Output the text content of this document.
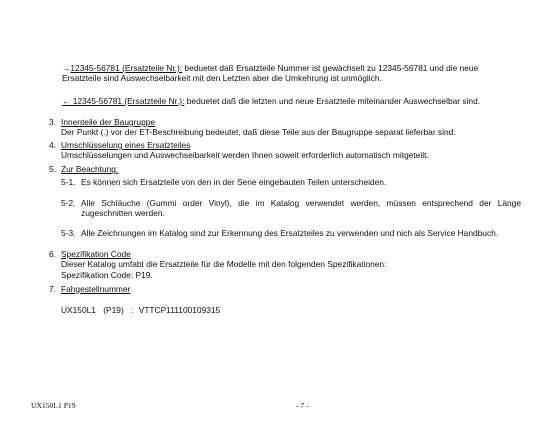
→12345-56781 (Ersatzteile Nr.): beduetet daß Ersatzteile Nummer ist gewächselt zu 12345-56781 und die neue
Ersatzteile sind Auswechselbarkeit mit den Letzten aber die Umkehrung ist unmöglich.
← 12345-56781 (Ersatzteile Nr.): beduetet daß die letzten und neue Ersatzteile miteinander Auswechselbar sind.
3. Innenteile der Baugruppe
Der Punkt (.) vor der ET-Beschreibung bedeutet, daß diese Teile aus der Baugruppe separat lieferbar sind.
4. Umschlüsselung eines Ersatzteiles
Umschlüsselungen und Auswechseibarkeit werden Ihnen soweit erforderlich automatisch mitgeteilt.
5. Zur Beachtung:
5-1. Es können sich Ersatzteile von den in der Serie eingebauten Teilen unterscheiden.
5-2. Alle Schläuche (Gummi order Vinyl), die im Katalog verwendet werden, müssen entsprechend der Länge
zugeschnitten werden.
5-3. Alle Zeichnungen im Katalog sind zur Erkennung des Ersatzteiles zu verwenden und nich als Service Handbuch.
6. Spezifikation Code
Dieser Katalog umfabt die Ersatzteile für die Modelle mit den folgenden Spezifikationen:
Spezifikation Code: P19.
7. Fahgestellnummer
UX150L1 (P19) : VTTCP111100109315
UX150L1 P19	- 7 -
